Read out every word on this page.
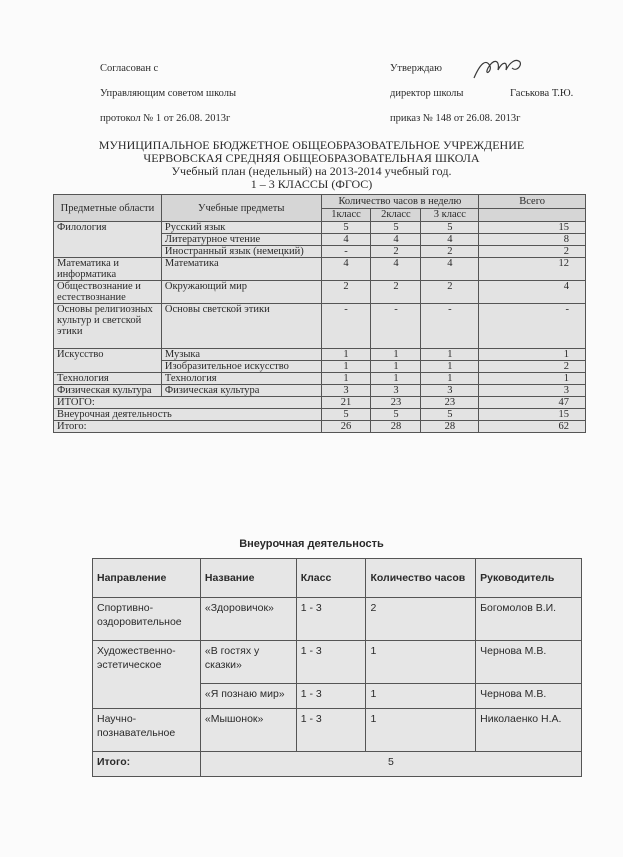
Согласован с
Управляющим советом школы
протокол № 1 от 26.08. 2013г
Утверждаю
директор школы	Гаськова Т.Ю.
приказ № 148 от 26.08. 2013г
МУНИЦИПАЛЬНОЕ БЮДЖЕТНОЕ ОБЩЕОБРАЗОВАТЕЛЬНОЕ УЧРЕЖДЕНИЕ
ЧЕРВОВСКАЯ СРЕДНЯЯ ОБЩЕОБРАЗОВАТЕЛЬНАЯ ШКОЛА
Учебный план (недельный) на 2013-2014 учебный год.
1 – 3 КЛАССЫ (ФГОС)
Предметные области	Учебные предметы	Количество часов в неделю			Всего
		1класс	2класс	3 класс	
Филология	Русский язык	5	5	5	15
	Литературное чтение	4	4	4	8
	Иностранный язык (немецкий)	-	2	2	2
Математика и информатика	Математика	4	4	4	12
Обществознание и естествознание	Окружающий мир	2	2	2	4
Основы религиозных культур и светской этики	Основы светской этики	-	-	-	-
Искусство	Музыка	1	1	1	1
	Изобразительное искусство	1	1	1	2
Технология	Технология	1	1	1	1
Физическая культура	Физическая культура	3	3	3	3
ИТОГО:		21	23	23	47
Внеурочная деятельность		5	5	5	15
Итого:		26	28	28	62
Внеурочная деятельность
Направление	Название	Класс	Количество часов	Руководитель
Спортивно-оздоровительное	«Здоровичок»	1 - 3	2	Богомолов В.И.
Художественно-эстетическое	«В гостях у сказки»	1 - 3	1	Чернова М.В.
	«Я познаю мир»	1 - 3	1	Чернова М.В.
Научно-познавательное	«Мышонок»	1 - 3	1	Николаенко Н.А.
Итого:	5			
